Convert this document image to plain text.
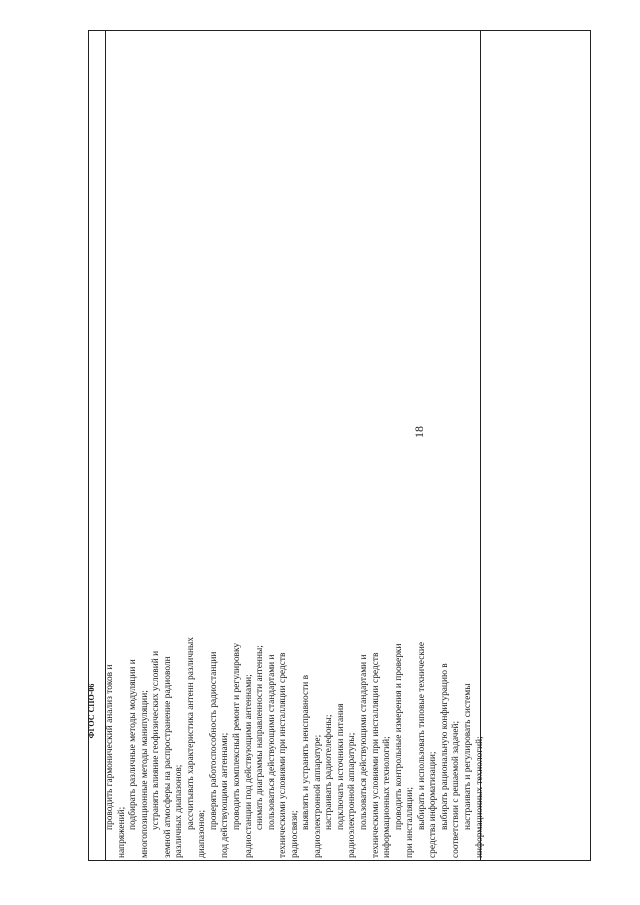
18
проводить гармонический анализ токов и
напряжений;
подбирать различные методы модуляции и многопозиционные методы манипуляции; устранять влияние геофизических условий и земной атмосферы на распространение радиоволн различных диапазонов; рассчитывать характеристика антенн различных
диапазонов;
проверять работоспособность радиостанции под действующими антеннами; проводить комплексный ремонт и регулировку радиостанции под действующими антеннами; снимать диаграммы направленности антенны; пользоваться действующими стандартами и техническими условиями при инсталляции средств радиосвязи;
выявлять и устранять неисправности в радиоэлектронной аппаратуре; настраивать радиотелефоны; подключать источники питания радиоэлектронной аппаратуры; пользоваться действующими стандартами и техническими условиями при инсталляции средств информационных технологий; проводить контрольные измерения и проверки при инсталляции; выбирать и использовать типовые технические средства информатизации; выбирать рациональную конфигурацию в соответствии с решаемой задачей; настраивать и регулировать системы информационных технологий;
ФГОС СПО-06
